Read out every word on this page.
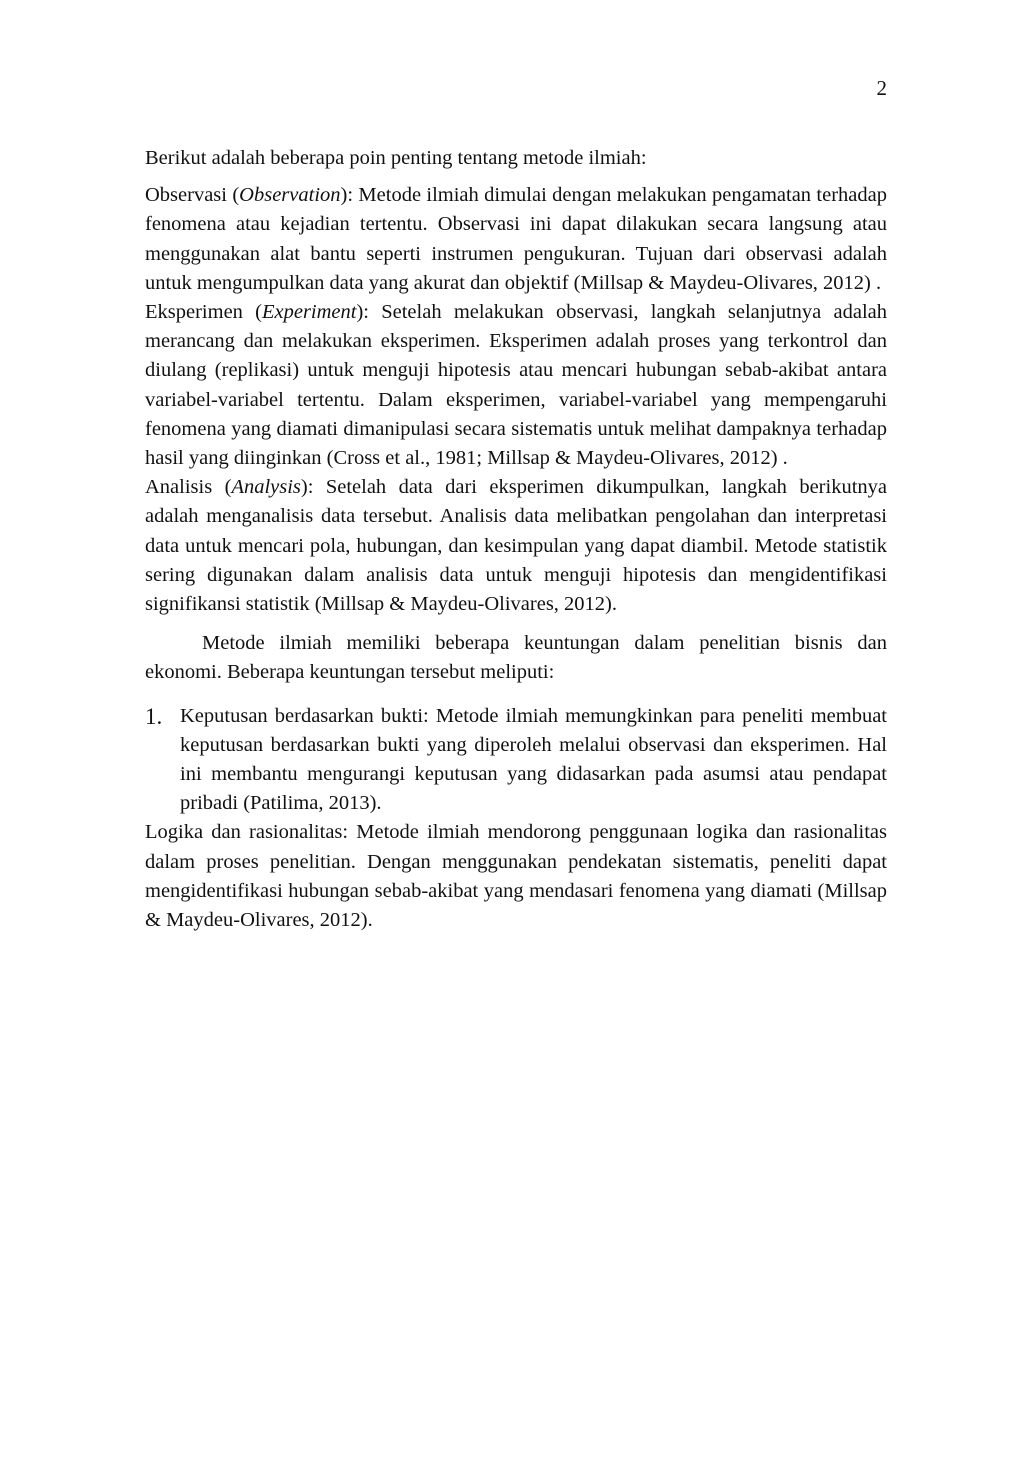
2

Berikut adalah beberapa poin penting tentang metode ilmiah:

Observasi (Observation): Metode ilmiah dimulai dengan melakukan pengamatan terhadap fenomena atau kejadian tertentu. Observasi ini dapat dilakukan secara langsung atau menggunakan alat bantu seperti instrumen pengukuran. Tujuan dari observasi adalah untuk mengumpulkan data yang akurat dan objektif (Millsap & Maydeu-Olivares, 2012) .

Eksperimen (Experiment): Setelah melakukan observasi, langkah selanjutnya adalah merancang dan melakukan eksperimen. Eksperimen adalah proses yang terkontrol dan diulang (replikasi) untuk menguji hipotesis atau mencari hubungan sebab-akibat antara variabel-variabel tertentu. Dalam eksperimen, variabel-variabel yang mempengaruhi fenomena yang diamati dimanipulasi secara sistematis untuk melihat dampaknya terhadap hasil yang diinginkan (Cross et al., 1981; Millsap & Maydeu-Olivares, 2012) .

Analisis (Analysis): Setelah data dari eksperimen dikumpulkan, langkah berikutnya adalah menganalisis data tersebut. Analisis data melibatkan pengolahan dan interpretasi data untuk mencari pola, hubungan, dan kesimpulan yang dapat diambil. Metode statistik sering digunakan dalam analisis data untuk menguji hipotesis dan mengidentifikasi signifikansi statistik (Millsap & Maydeu-Olivares, 2012).

Metode ilmiah memiliki beberapa keuntungan dalam penelitian bisnis dan ekonomi. Beberapa keuntungan tersebut meliputi:

1. Keputusan berdasarkan bukti: Metode ilmiah memungkinkan para peneliti membuat keputusan berdasarkan bukti yang diperoleh melalui observasi dan eksperimen. Hal ini membantu mengurangi keputusan yang didasarkan pada asumsi atau pendapat pribadi (Patilima, 2013).

Logika dan rasionalitas: Metode ilmiah mendorong penggunaan logika dan rasionalitas dalam proses penelitian. Dengan menggunakan pendekatan sistematis, peneliti dapat mengidentifikasi hubungan sebab-akibat yang mendasari fenomena yang diamati (Millsap & Maydeu-Olivares, 2012).
